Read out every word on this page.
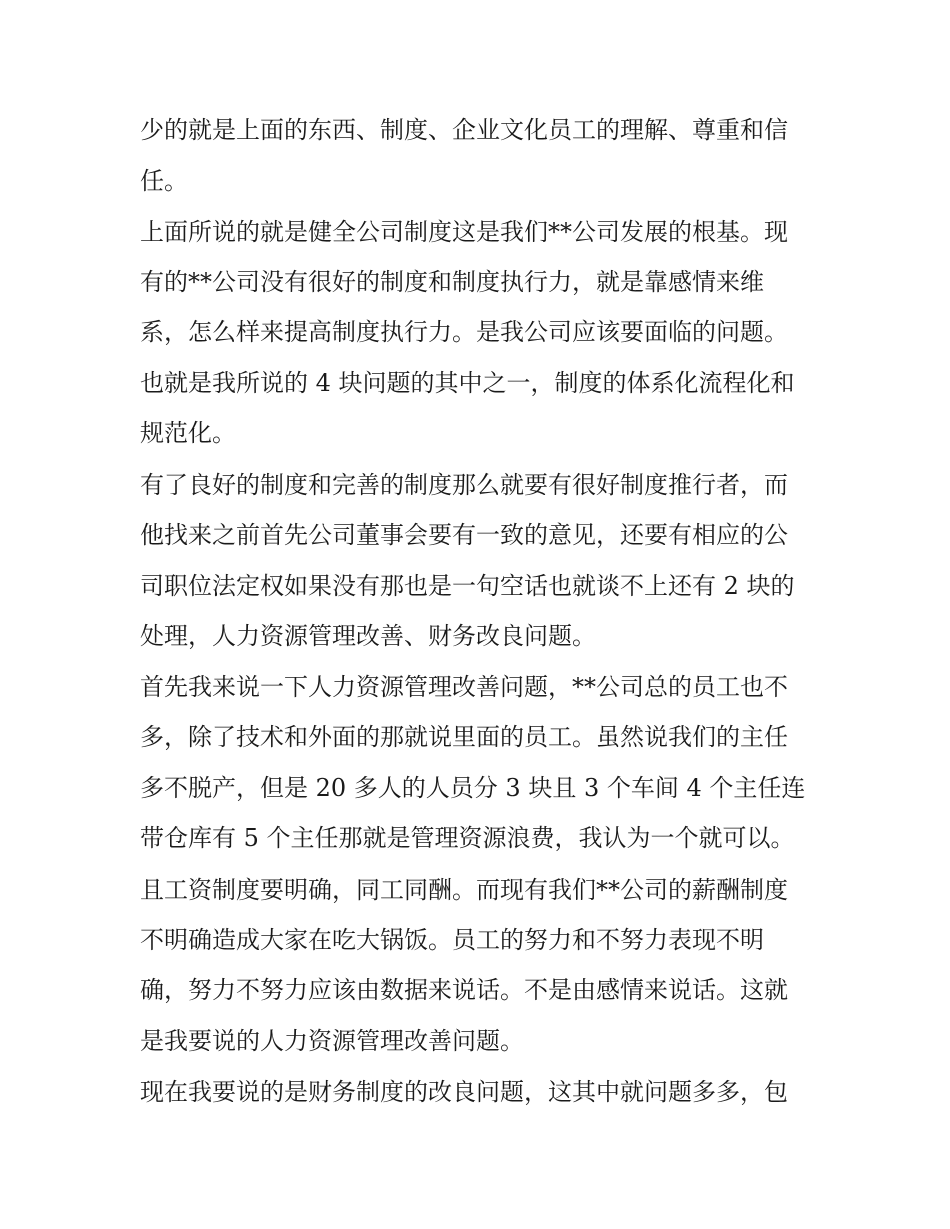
少的就是上面的东西、制度、企业文化员工的理解、尊重和信
任。
上面所说的就是健全公司制度这是我们**公司发展的根基。现
有的**公司没有很好的制度和制度执行力，就是靠感情来维
系，怎么样来提高制度执行力。是我公司应该要面临的问题。
也就是我所说的 4 块问题的其中之一，制度的体系化流程化和
规范化。
有了良好的制度和完善的制度那么就要有很好制度推行者，而
他找来之前首先公司董事会要有一致的意见，还要有相应的公
司职位法定权如果没有那也是一句空话也就谈不上还有 2 块的
处理，人力资源管理改善、财务改良问题。
首先我来说一下人力资源管理改善问题，**公司总的员工也不
多，除了技术和外面的那就说里面的员工。虽然说我们的主任
多不脱产，但是 20 多人的人员分 3 块且 3 个车间 4 个主任连
带仓库有 5 个主任那就是管理资源浪费，我认为一个就可以。
且工资制度要明确，同工同酬。而现有我们**公司的薪酬制度
不明确造成大家在吃大锅饭。员工的努力和不努力表现不明
确，努力不努力应该由数据来说话。不是由感情来说话。这就
是我要说的人力资源管理改善问题。
现在我要说的是财务制度的改良问题，这其中就问题多多，包
